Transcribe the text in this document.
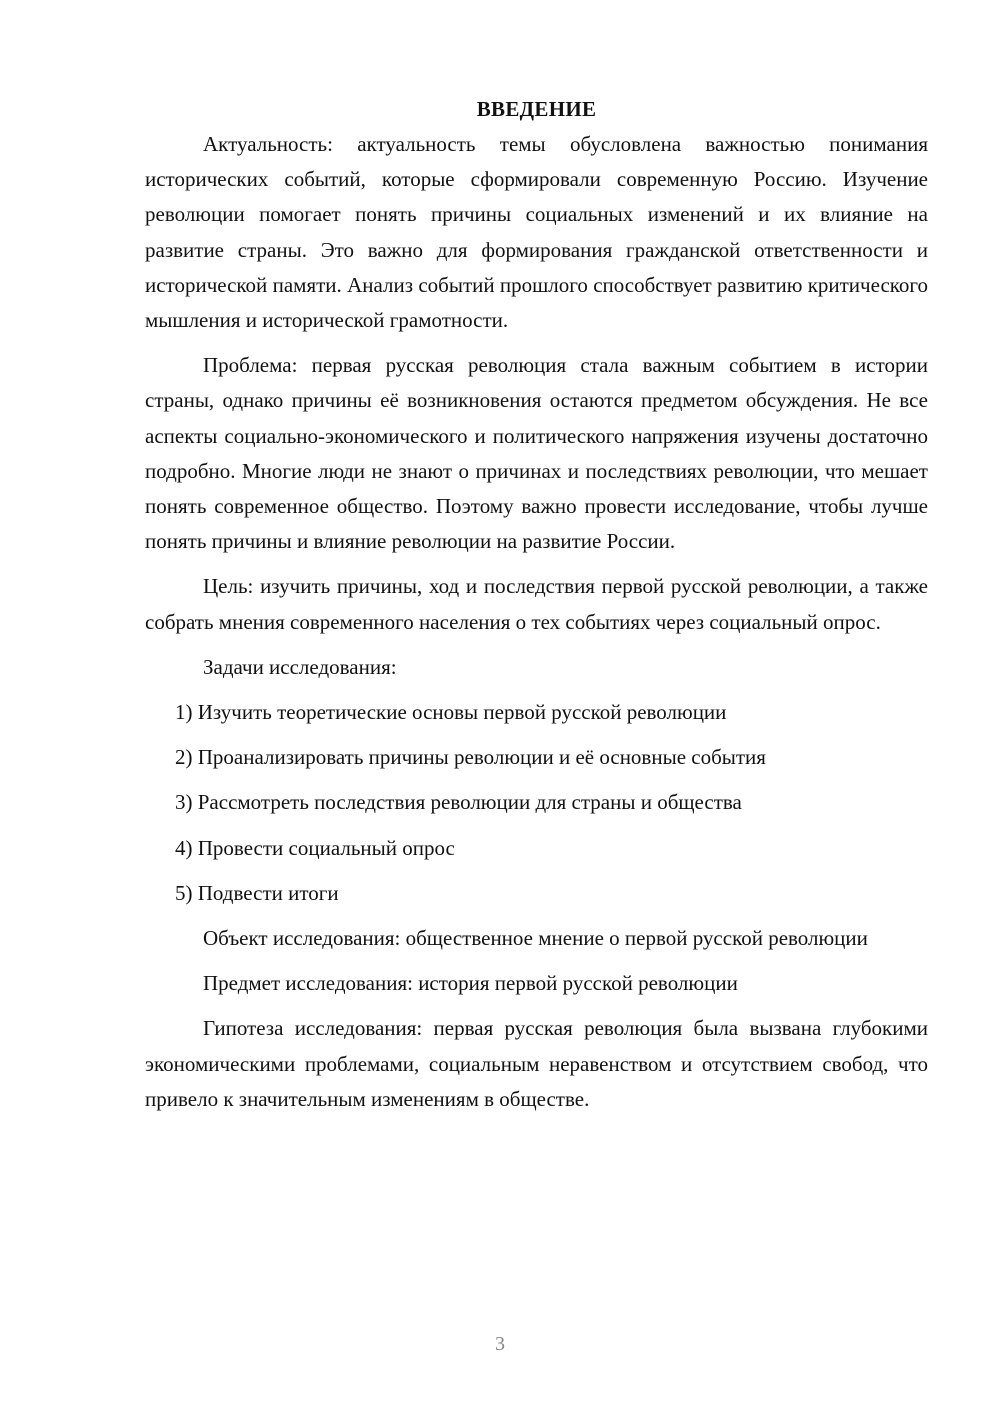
ВВЕДЕНИЕ

Актуальность: актуальность темы обусловлена важностью понимания исторических событий, которые сформировали современную Россию. Изучение революции помогает понять причины социальных изменений и их влияние на развитие страны. Это важно для формирования гражданской ответственности и исторической памяти. Анализ событий прошлого способствует развитию критического мышления и исторической грамотности.

Проблема: первая русская революция стала важным событием в истории страны, однако причины её возникновения остаются предметом обсуждения. Не все аспекты социально-экономического и политического напряжения изучены достаточно подробно. Многие люди не знают о причинах и последствиях революции, что мешает понять современное общество. Поэтому важно провести исследование, чтобы лучше понять причины и влияние революции на развитие России.

Цель: изучить причины, ход и последствия первой русской революции, а также собрать мнения современного населения о тех событиях через социальный опрос.

Задачи исследования:

1) Изучить теоретические основы первой русской революции
2) Проанализировать причины революции и её основные события
3) Рассмотреть последствия революции для страны и общества
4) Провести социальный опрос
5) Подвести итоги

Объект исследования: общественное мнение о первой русской революции

Предмет исследования: история первой русской революции

Гипотеза исследования: первая русская революция была вызвана глубокими экономическими проблемами, социальным неравенством и отсутствием свобод, что привело к значительным изменениям в обществе.

3
